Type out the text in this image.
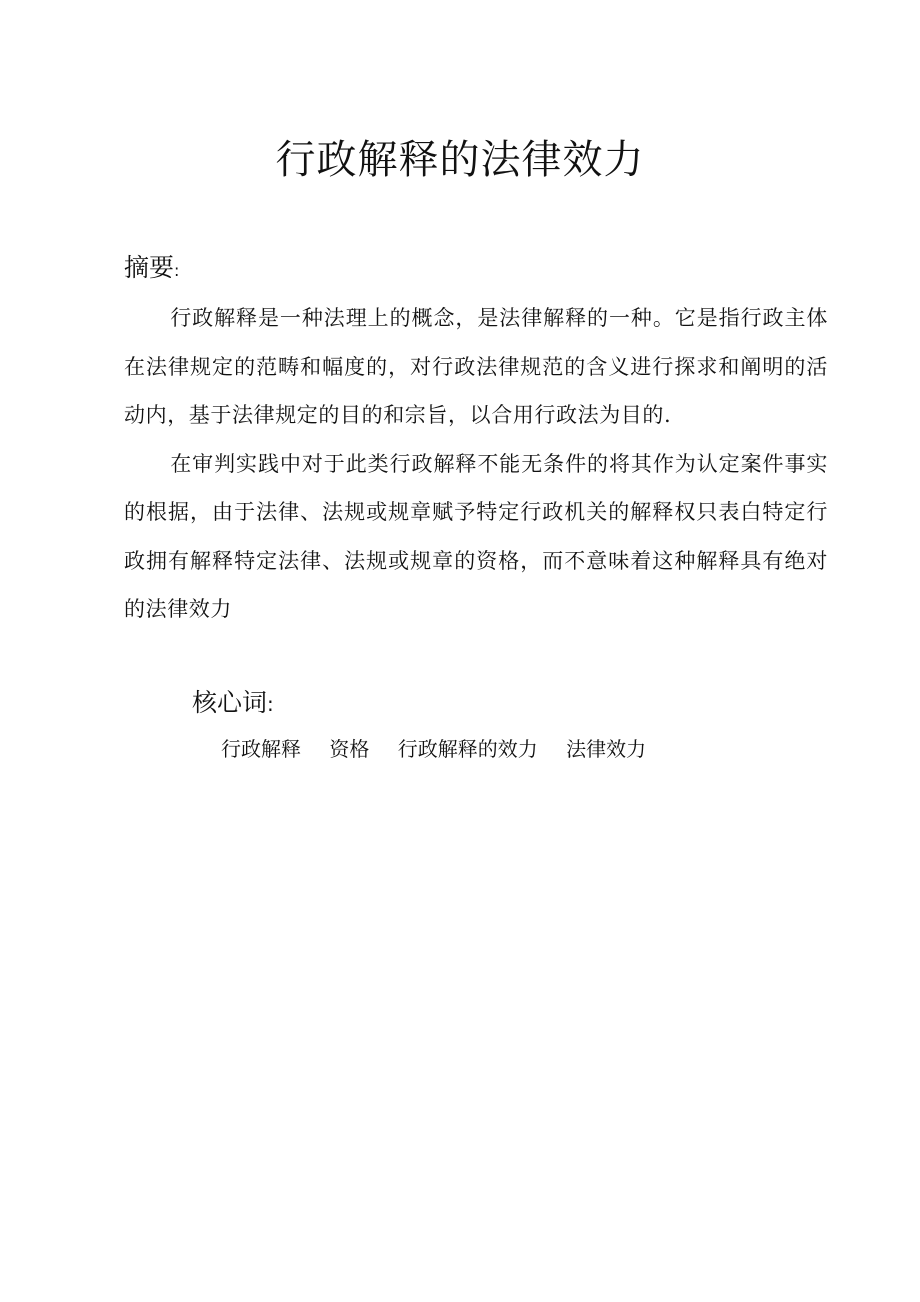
行政解释的法律效力
摘要:

行政解释是一种法理上的概念，是法律解释的一种。它是指行政主体在法律规定的范畴和幅度的，对行政法律规范的含义进行探求和阐明的活动内，基于法律规定的目的和宗旨，以合用行政法为目的.

在审判实践中对于此类行政解释不能无条件的将其作为认定案件事实的根据，由于法律、法规或规章赋予特定行政机关的解释权只表白特定行政拥有解释特定法律、法规或规章的资格，而不意味着这种解释具有绝对的法律效力

核心词:
行政解释 资格 行政解释的效力 法律效力
